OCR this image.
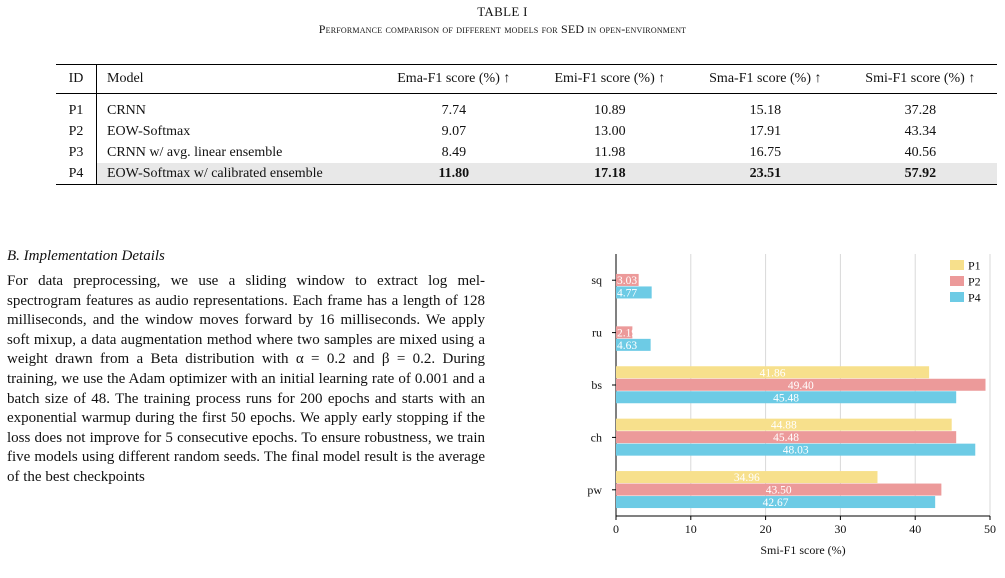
TABLE I
Performance comparison of different models for SED in open-environment
ID	Model	Ema-F1 score (%) ↑	Emi-F1 score (%) ↑	Sma-F1 score (%) ↑	Smi-F1 score (%) ↑
P1	CRNN	7.74	10.89	15.18	37.28
P2	EOW-Softmax	9.07	13.00	17.91	43.34
P3	CRNN w/ avg. linear ensemble	8.49	11.98	16.75	40.56
P4	EOW-Softmax w/ calibrated ensemble	11.80	17.18	23.51	57.92
B. Implementation Details

For data preprocessing, we use a sliding window to extract log mel-spectrogram features as audio representations. Each frame has a length of 128 milliseconds, and the window moves forward by 16 milliseconds. We apply soft mixup, a data augmentation method where two samples are mixed using a weight drawn from a Beta distribution with α = 0.2 and β = 0.2. During training, we use the Adam optimizer with an initial learning rate of 0.001 and a batch size of 48. The training process runs for 200 epochs and starts with an exponential warmup during the first 50 epochs. We apply early stopping if the loss does not improve for 5 consecutive epochs. To ensure robustness, we train five models using different random seeds. The final model result is the average of the best checkpoints

0	10	20	30	40	50
Smi-F1 score (%)
sq
0
3.03
4.77
ru
0
2.19
4.63
bs
41.86
49.40
45.48
ch
44.88
45.48
48.03
pw
34.96
43.50
42.67
P1
P2
P4
